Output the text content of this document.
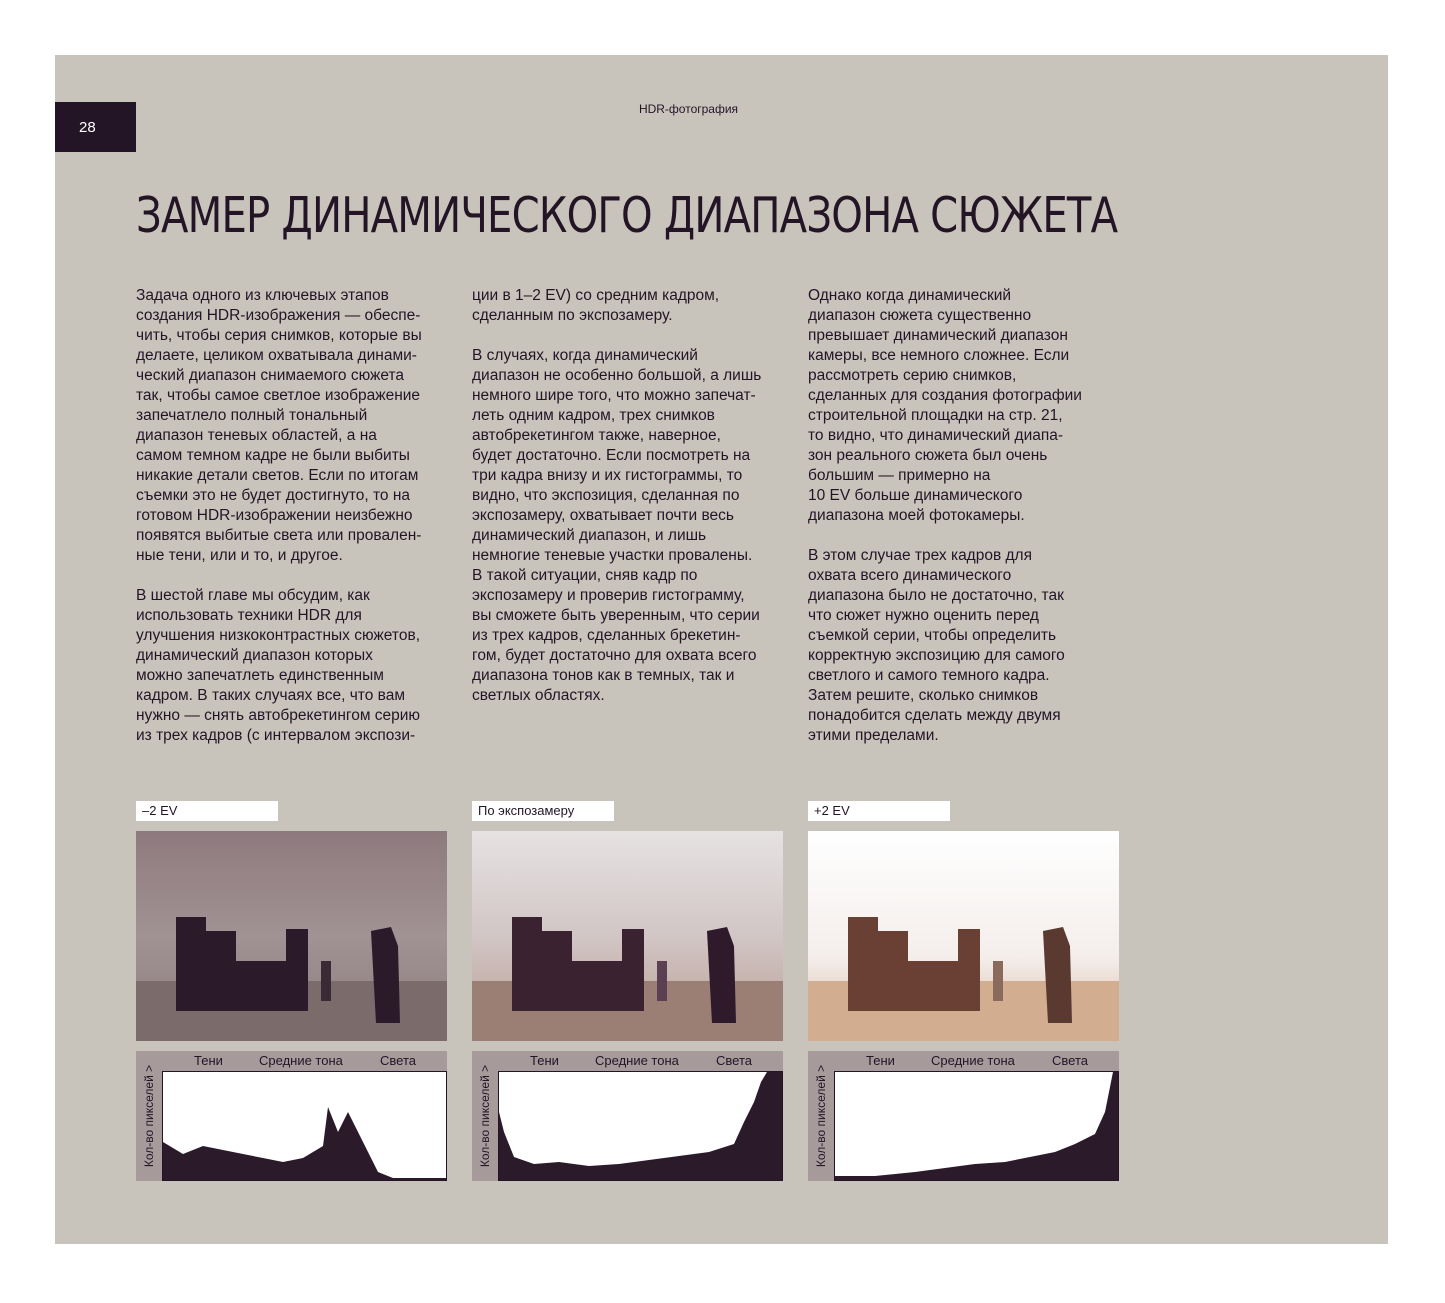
28
HDR-фотография
ЗАМЕР ДИНАМИЧЕСКОГО ДИАПАЗОНА СЮЖЕТА

Задача одного из ключевых этапов
создания HDR-изображения — обеспе-
чить, чтобы серия снимков, которые вы
делаете, целиком охватывала динами-
ческий диапазон снимаемого сюжета
так, чтобы самое светлое изображение
запечатлело полный тональный
диапазон теневых областей, а на
самом темном кадре не были выбиты
никакие детали светов. Если по итогам
съемки это не будет достигнуто, то на
готовом HDR-изображении неизбежно
появятся выбитые света или провален-
ные тени, или и то, и другое.

В шестой главе мы обсудим, как
использовать техники HDR для
улучшения низкоконтрастных сюжетов,
динамический диапазон которых
можно запечатлеть единственным
кадром. В таких случаях все, что вам
нужно — снять автобрекетингом серию
из трех кадров (с интервалом экспози-

ции в 1–2 EV) со средним кадром,
сделанным по экспозамеру.

В случаях, когда динамический
диапазон не особенно большой, а лишь
немного шире того, что можно запечат-
леть одним кадром, трех снимков
автобрекетингом также, наверное,
будет достаточно. Если посмотреть на
три кадра внизу и их гистограммы, то
видно, что экспозиция, сделанная по
экспозамеру, охватывает почти весь
динамический диапазон, и лишь
немногие теневые участки провалены.
В такой ситуации, сняв кадр по
экспозамеру и проверив гистограмму,
вы сможете быть уверенным, что серии
из трех кадров, сделанных брекетин-
гом, будет достаточно для охвата всего
диапазона тонов как в темных, так и
светлых областях.

Однако когда динамический
диапазон сюжета существенно
превышает динамический диапазон
камеры, все немного сложнее. Если
рассмотреть серию снимков,
сделанных для создания фотографии
строительной площадки на стр. 21,
то видно, что динамический диапа-
зон реального сюжета был очень
большим — примерно на
10 EV больше динамического
диапазона моей фотокамеры.

В этом случае трех кадров для
охвата всего динамического
диапазона было не достаточно, так
что сюжет нужно оценить перед
съемкой серии, чтобы определить
корректную экспозицию для самого
светлого и самого темного кадра.
Затем решите, сколько снимков
понадобится сделать между двумя
этими пределами.

–2 EV
Кол-во пикселей >
Тени	Средние тона	Света
По экспозамеру
Кол-во пикселей >
Тени	Средние тона	Света
+2 EV
Кол-во пикселей >
Тени	Средние тона	Света
